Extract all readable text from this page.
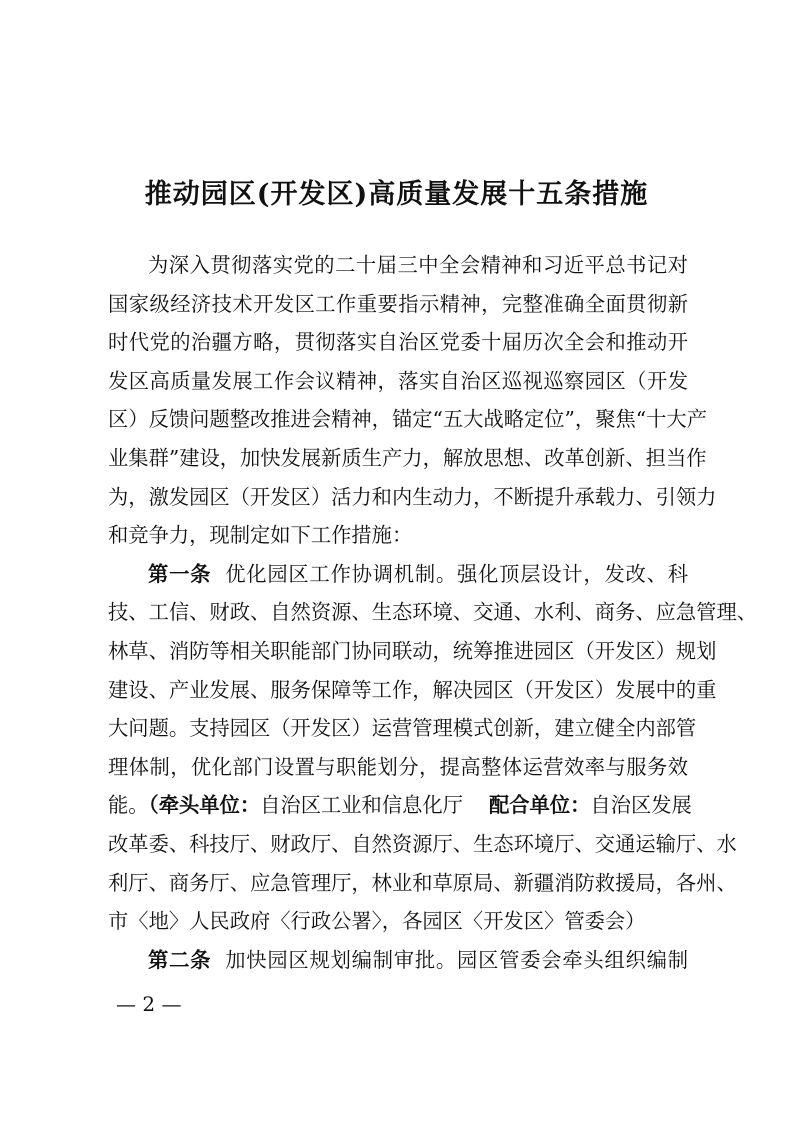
推动园区(开发区)高质量发展十五条措施
为深入贯彻落实党的二十届三中全会精神和习近平总书记对
国家级经济技术开发区工作重要指示精神，完整准确全面贯彻新
时代党的治疆方略，贯彻落实自治区党委十届历次全会和推动开
发区高质量发展工作会议精神，落实自治区巡视巡察园区（开发
区）反馈问题整改推进会精神，锚定“五大战略定位”，聚焦“十大产
业集群”建设，加快发展新质生产力，解放思想、改革创新、担当作
为，激发园区（开发区）活力和内生动力，不断提升承载力、引领力
和竞争力，现制定如下工作措施：
第一条 优化园区工作协调机制。强化顶层设计，发改、科
技、工信、财政、自然资源、生态环境、交通、水利、商务、应急管理、
林草、消防等相关职能部门协同联动，统筹推进园区（开发区）规划
建设、产业发展、服务保障等工作，解决园区（开发区）发展中的重
大问题。支持园区（开发区）运营管理模式创新，建立健全内部管
理体制，优化部门设置与职能划分，提高整体运营效率与服务效
能。（牵头单位：自治区工业和信息化厅 配合单位：自治区发展
改革委、科技厅、财政厅、自然资源厅、生态环境厅、交通运输厅、水
利厅、商务厅、应急管理厅，林业和草原局、新疆消防救援局，各州、
市〈地〉人民政府〈行政公署〉，各园区〈开发区〉管委会）
第二条 加快园区规划编制审批。园区管委会牵头组织编制
— 2 —
